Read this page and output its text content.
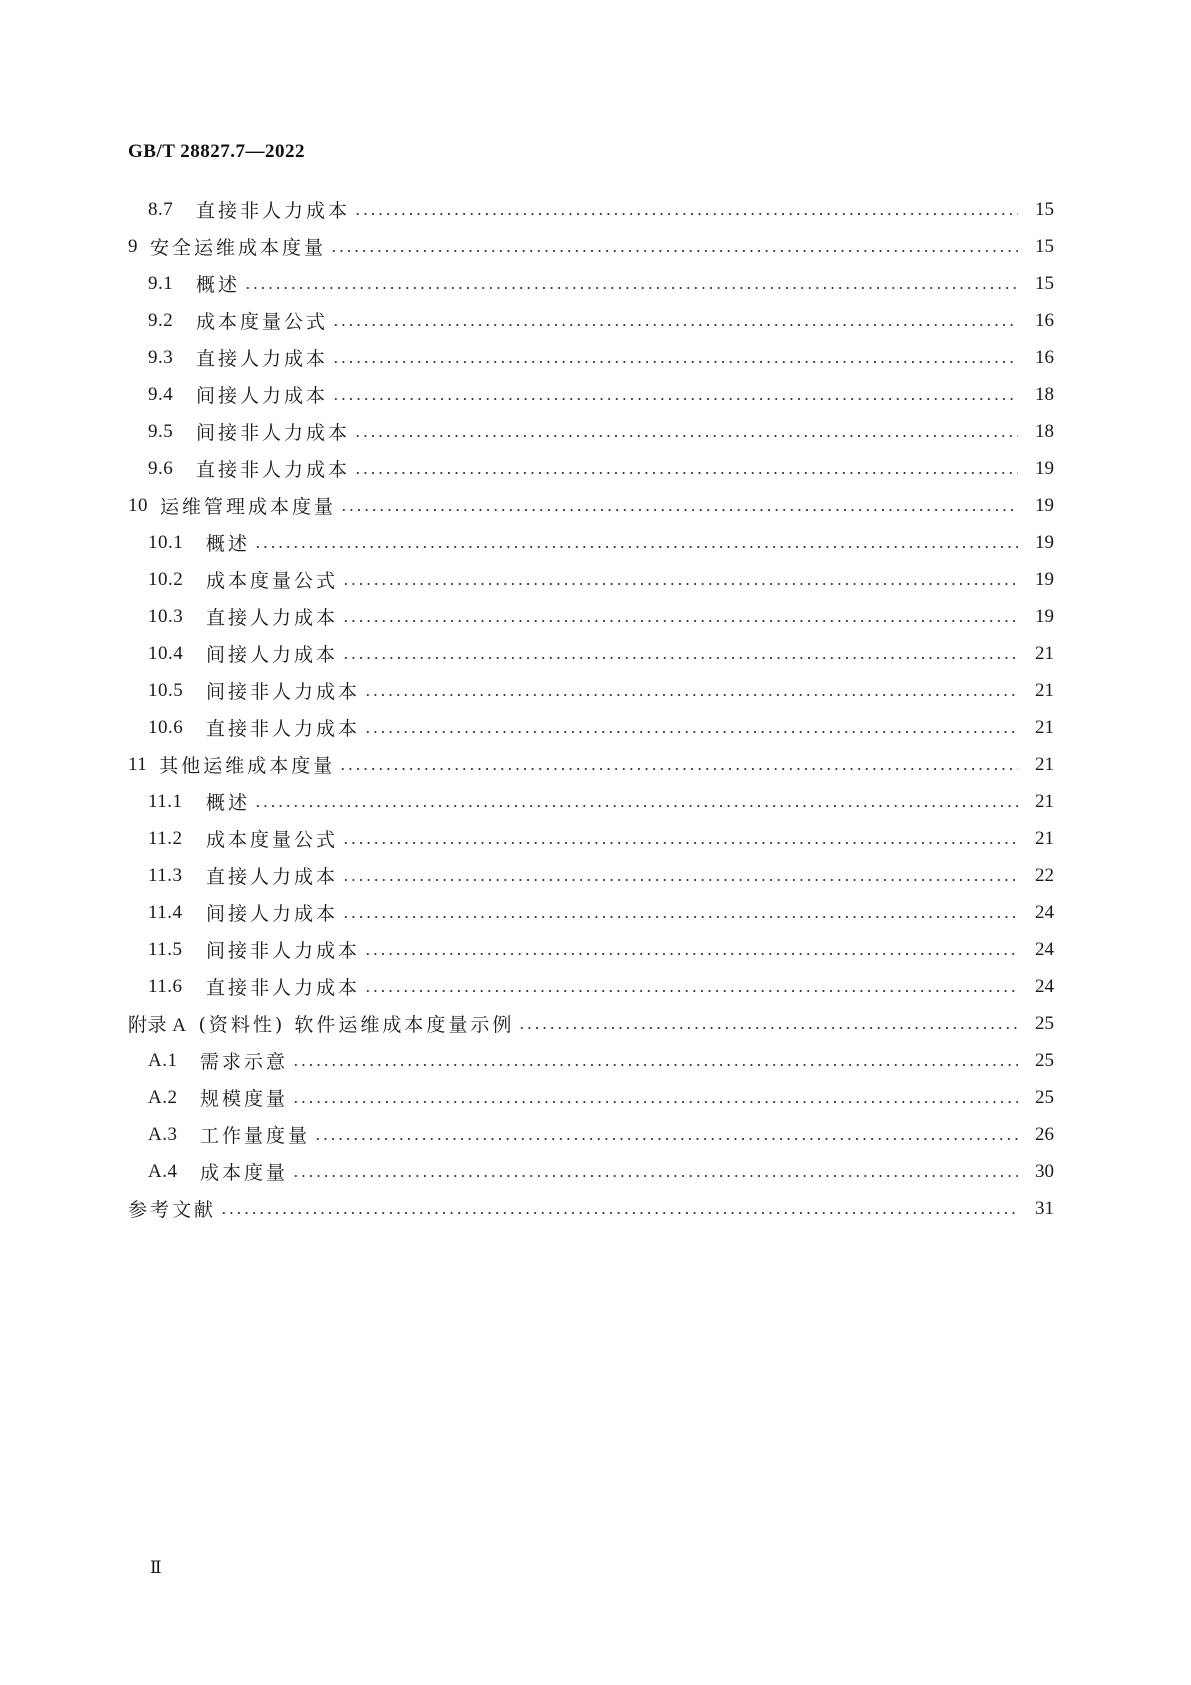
GB/T 28827.7—2022
8.7	直接非人力成本	15
9 安全运维成本度量	15
9.1	概述	15
9.2	成本度量公式	16
9.3	直接人力成本	16
9.4	间接人力成本	18
9.5	间接非人力成本	18
9.6	直接非人力成本	19
10 运维管理成本度量	19
10.1	概述	19
10.2	成本度量公式	19
10.3	直接人力成本	19
10.4	间接人力成本	21
10.5	间接非人力成本	21
10.6	直接非人力成本	21
11 其他运维成本度量	21
11.1	概述	21
11.2	成本度量公式	21
11.3	直接人力成本	22
11.4	间接人力成本	24
11.5	间接非人力成本	24
11.6	直接非人力成本	24
附录 A (资料性) 软件运维成本度量示例	25
A.1	需求示意	25
A.2	规模度量	25
A.3	工作量度量	26
A.4	成本度量	30
参考文献	31
Ⅱ
